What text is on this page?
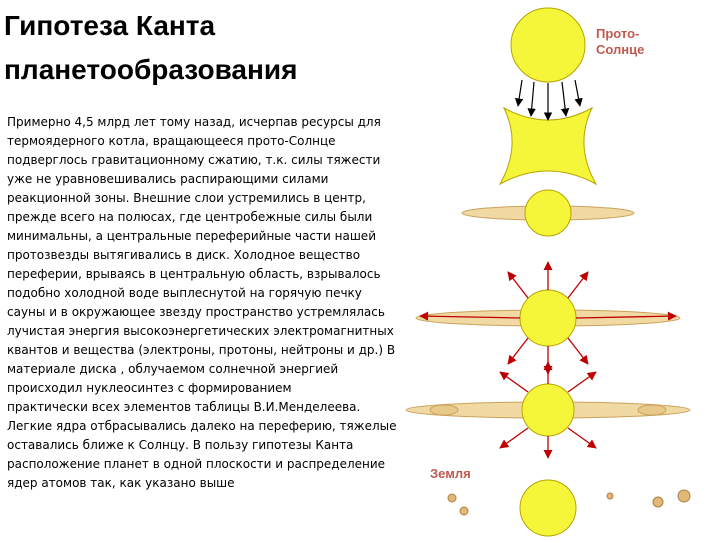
Гипотеза Канта
планетообразования

Примерно 4,5 млрд лет тому назад, исчерпав ресурсы для
термоядерного котла, вращающееся прото-Солнце
подверглось гравитационному сжатию, т.к. силы тяжести
уже не уравновешивались распирающими силами
реакционной зоны. Внешние слои устремились в центр,
прежде всего на полюсах, где центробежные силы были
минимальны, а центральные переферийные части нашей
протозвезды вытягивались в диск. Холодное вещество
переферии, врываясь в центральную область, взрывалось
подобно холодной воде выплеснутой на горячую печку
сауны и в окружающее звезду пространство устремлялась
лучистая энергия высокоэнергетических электромагнитных
квантов и вещества (электроны, протоны, нейтроны и др.) В
материале диска , облучаемом солнечной энергией
происходил нуклеосинтез с формированием
практически всех элементов таблицы В.И.Менделеева.
Легкие ядра отбрасывались далеко на переферию, тяжелые
оставались ближе к Солнцу. В пользу гипотезы Канта
расположение планет в одной плоскости и распределение
ядер атомов так, как указано выше

Прото-
Солнце
Земля
